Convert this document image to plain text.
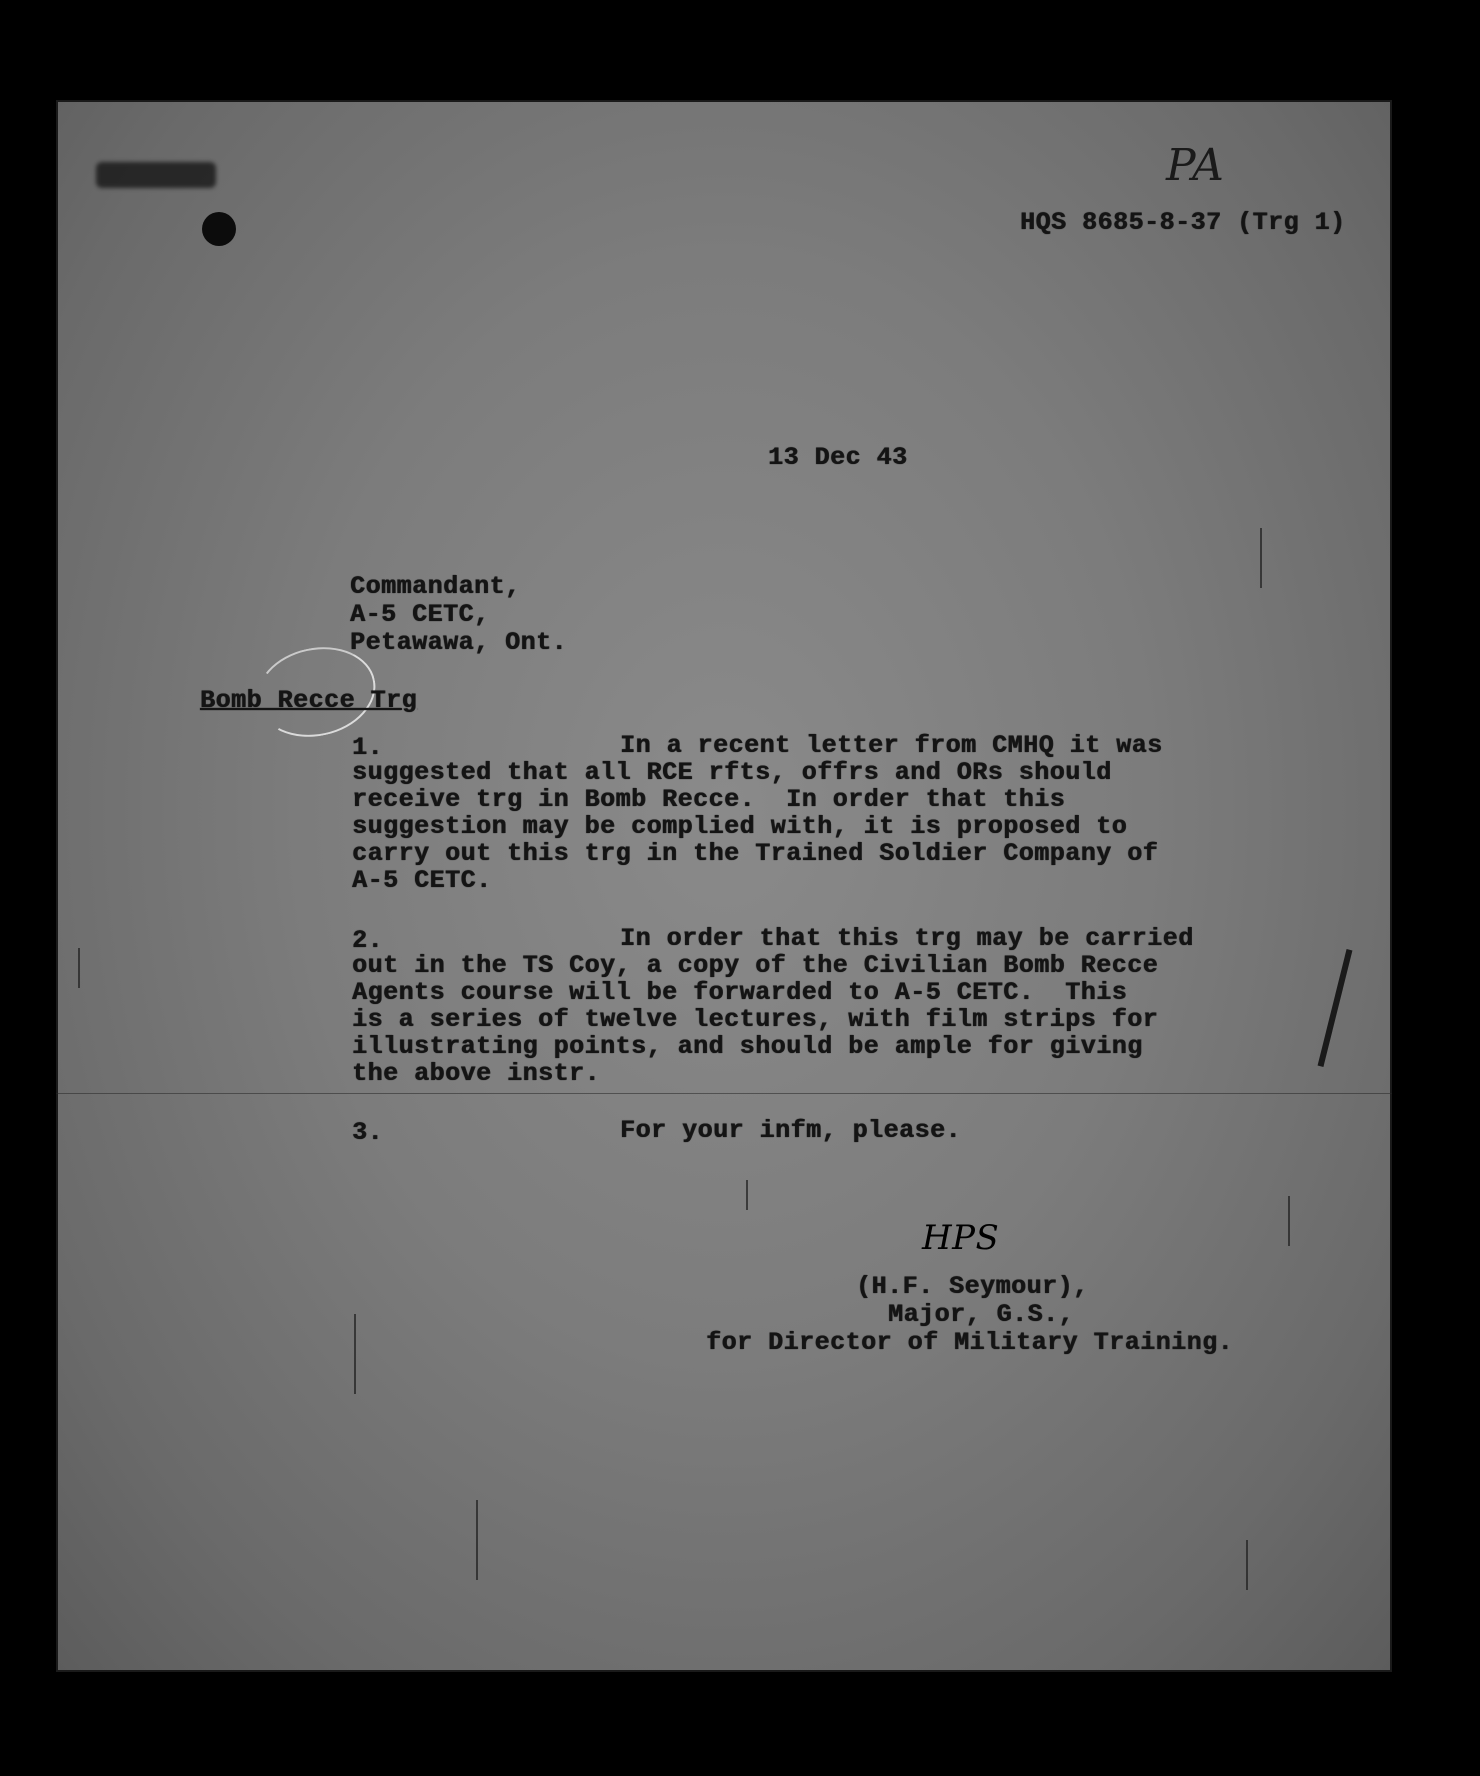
PA
HQS 8685-8-37 (Trg 1)
13 Dec 43
Commandant,
A-5 CETC,
Petawawa, Ont.
Bomb Recce Trg
1.	In a recent letter from CMHQ it was
suggested that all RCE rfts, offrs and ORs should
receive trg in Bomb Recce.  In order that this
suggestion may be complied with, it is proposed to
carry out this trg in the Trained Soldier Company of
A-5 CETC.
2.	In order that this trg may be carried
out in the TS Coy, a copy of the Civilian Bomb Recce
Agents course will be forwarded to A-5 CETC.  This
is a series of twelve lectures, with film strips for
illustrating points, and should be ample for giving
the above instr.
3.	For your infm, please.
HPS
(H.F. Seymour),
Major, G.S.,
for Director of Military Training.
